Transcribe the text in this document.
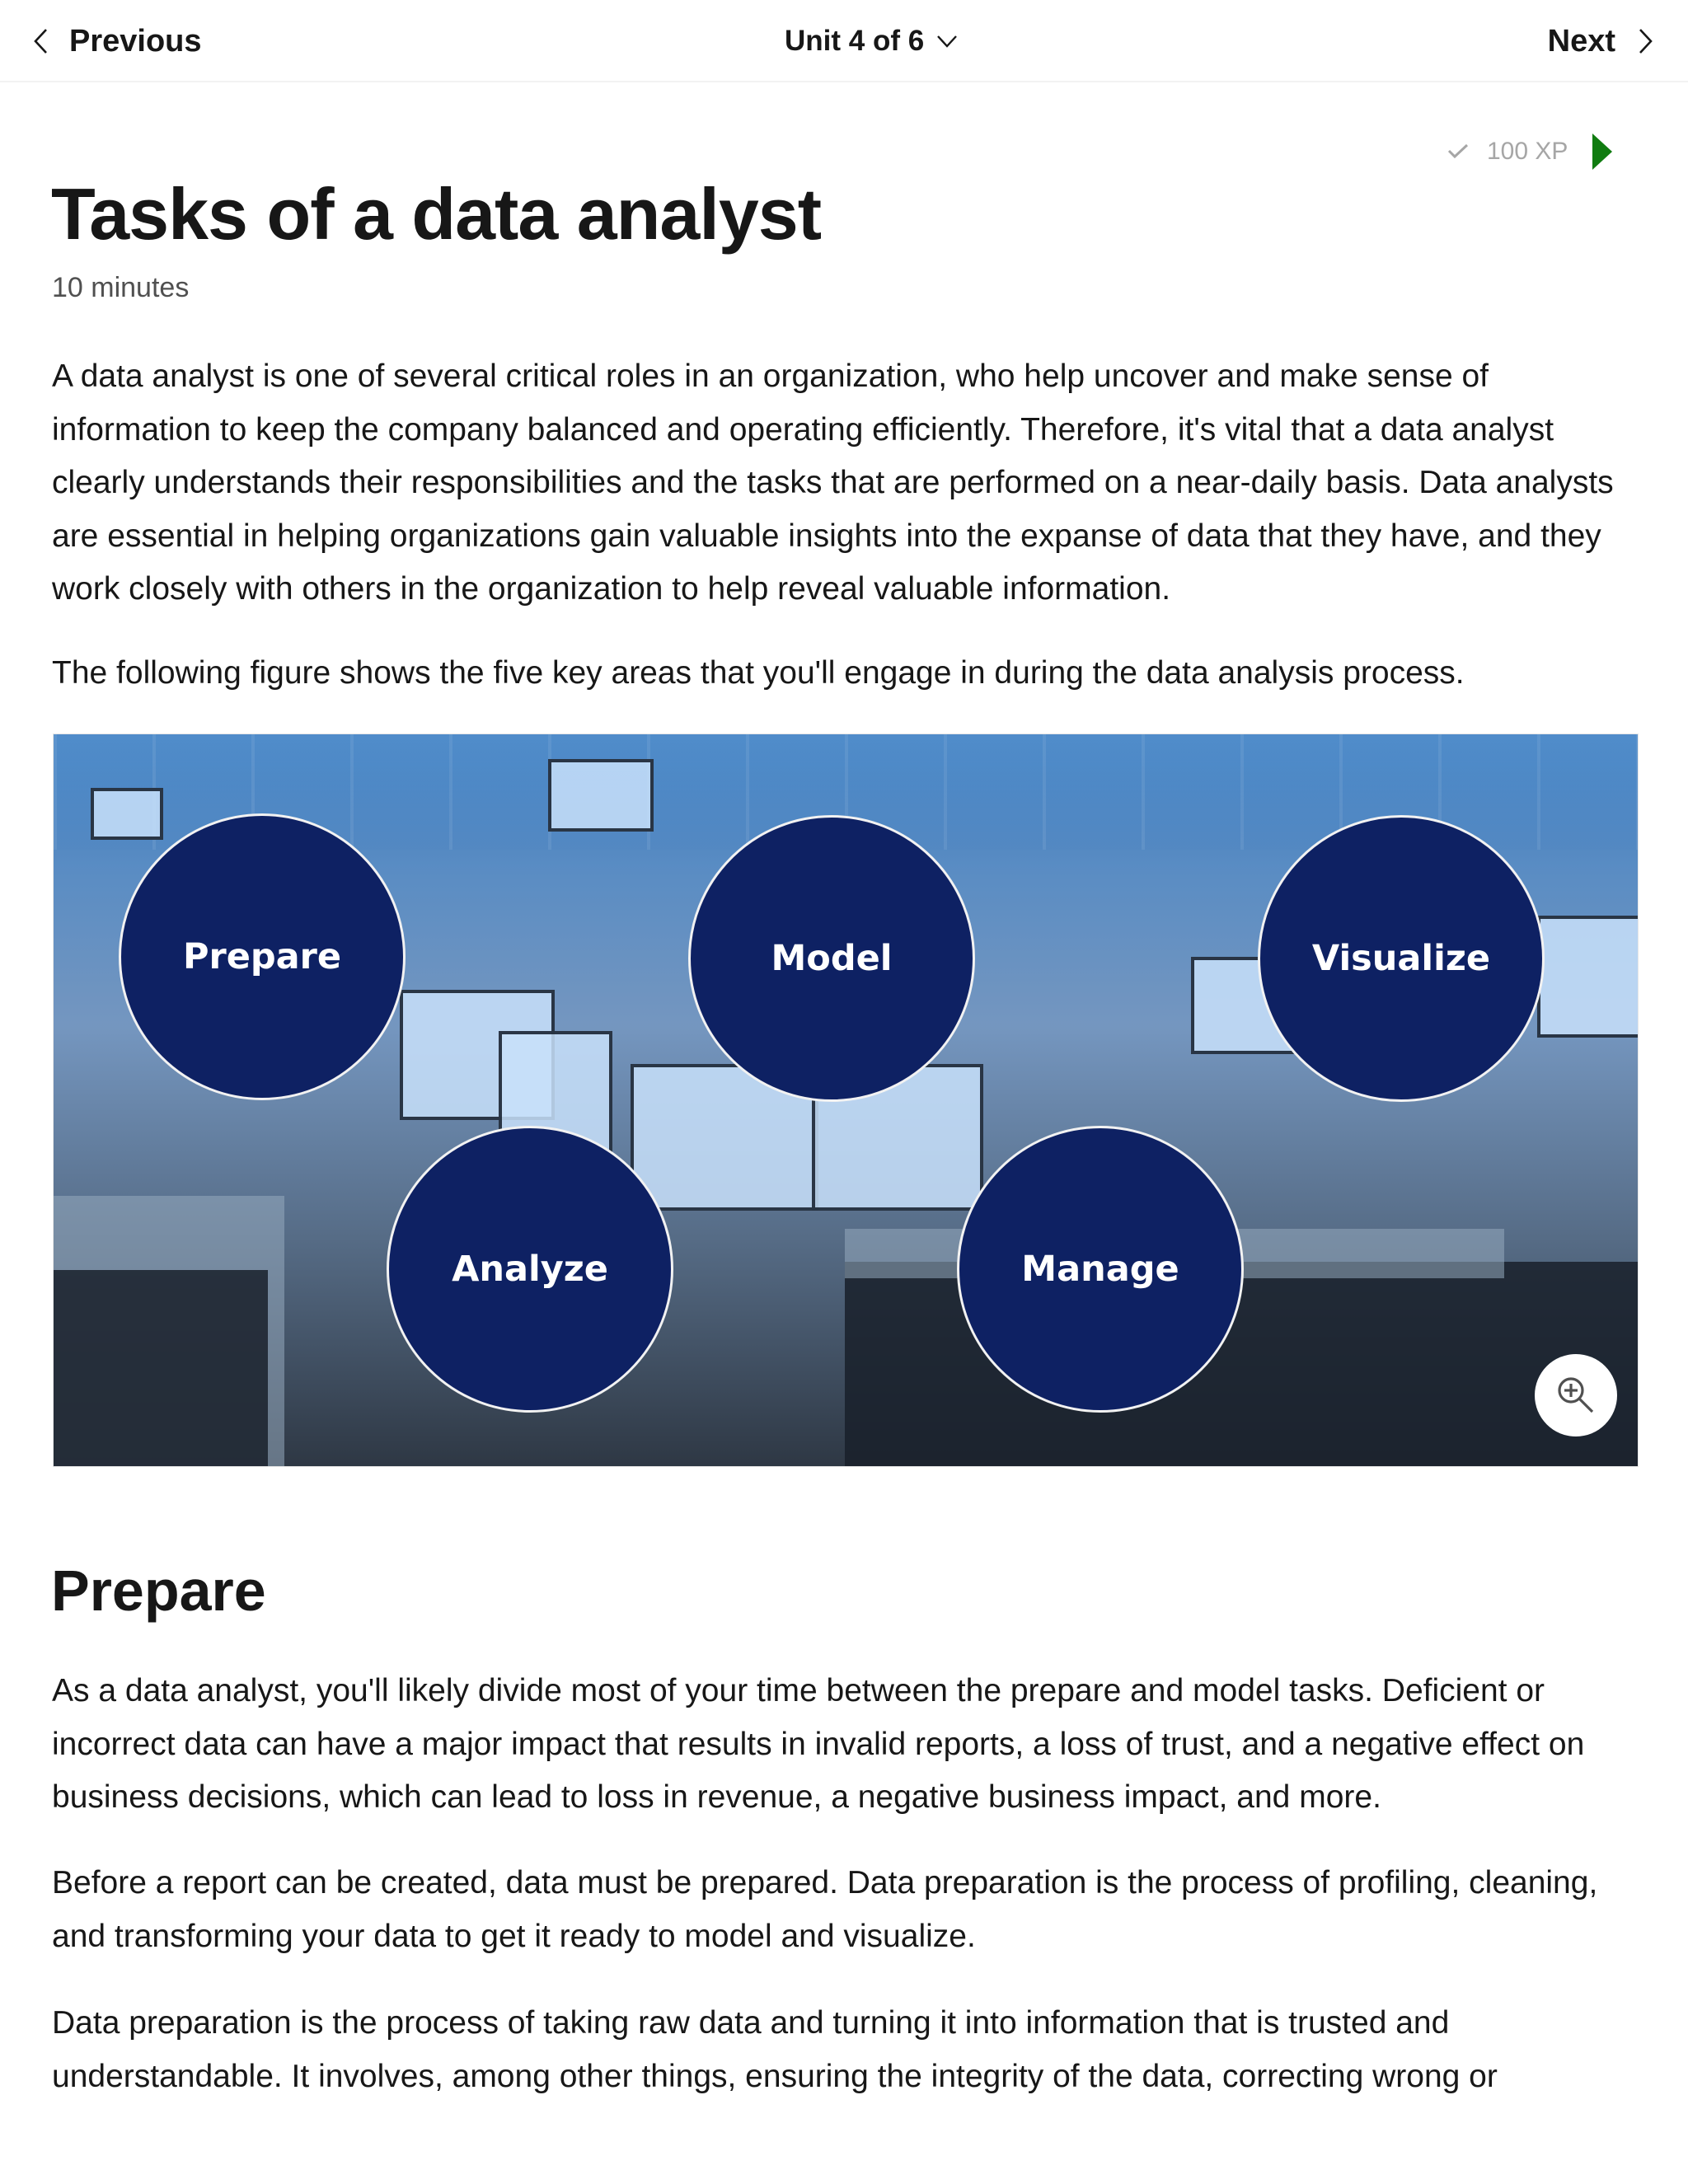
Previous	Unit 4 of 6	Next
100 XP
Tasks of a data analyst
10 minutes

A data analyst is one of several critical roles in an organization, who help uncover and make sense of information to keep the company balanced and operating efficiently. Therefore, it's vital that a data analyst clearly understands their responsibilities and the tasks that are performed on a near-daily basis. Data analysts are essential in helping organizations gain valuable insights into the expanse of data that they have, and they work closely with others in the organization to help reveal valuable information.

The following figure shows the five key areas that you'll engage in during the data analysis process.

Prepare	Model	Visualize
Analyze	Manage
Prepare

As a data analyst, you'll likely divide most of your time between the prepare and model tasks. Deficient or incorrect data can have a major impact that results in invalid reports, a loss of trust, and a negative effect on business decisions, which can lead to loss in revenue, a negative business impact, and more.

Before a report can be created, data must be prepared. Data preparation is the process of profiling, cleaning, and transforming your data to get it ready to model and visualize.

Data preparation is the process of taking raw data and turning it into information that is trusted and understandable. It involves, among other things, ensuring the integrity of the data, correcting wrong or
